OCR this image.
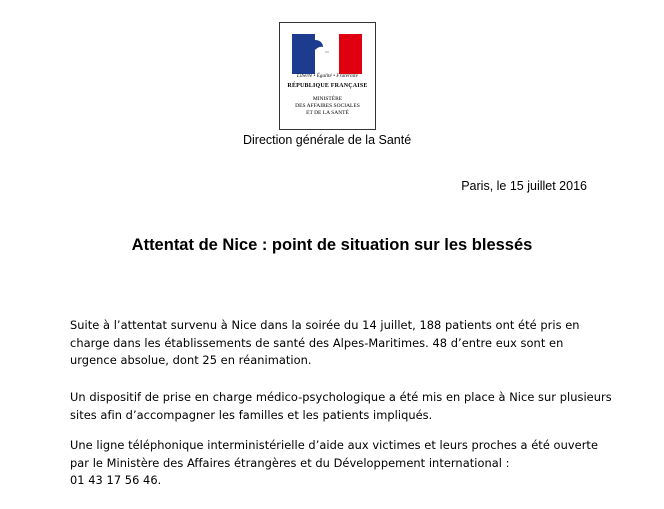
Liberté • Égalité • Fraternité
RÉPUBLIQUE FRANÇAISE
MINISTÈRE
DES AFFAIRES SOCIALES
ET DE LA SANTÉ
Direction générale de la Santé
Paris, le 15 juillet 2016
Attentat de Nice : point de situation sur les blessés
Suite à l’attentat survenu à Nice dans la soirée du 14 juillet, 188 patients ont été pris en
charge dans les établissements de santé des Alpes-Maritimes. 48 d’entre eux sont en
urgence absolue, dont 25 en réanimation.
Un dispositif de prise en charge médico-psychologique a été mis en place à Nice sur plusieurs
sites afin d’accompagner les familles et les patients impliqués.
Une ligne téléphonique interministérielle d’aide aux victimes et leurs proches a été ouverte
par le Ministère des Affaires étrangères et du Développement international :
01 43 17 56 46.
